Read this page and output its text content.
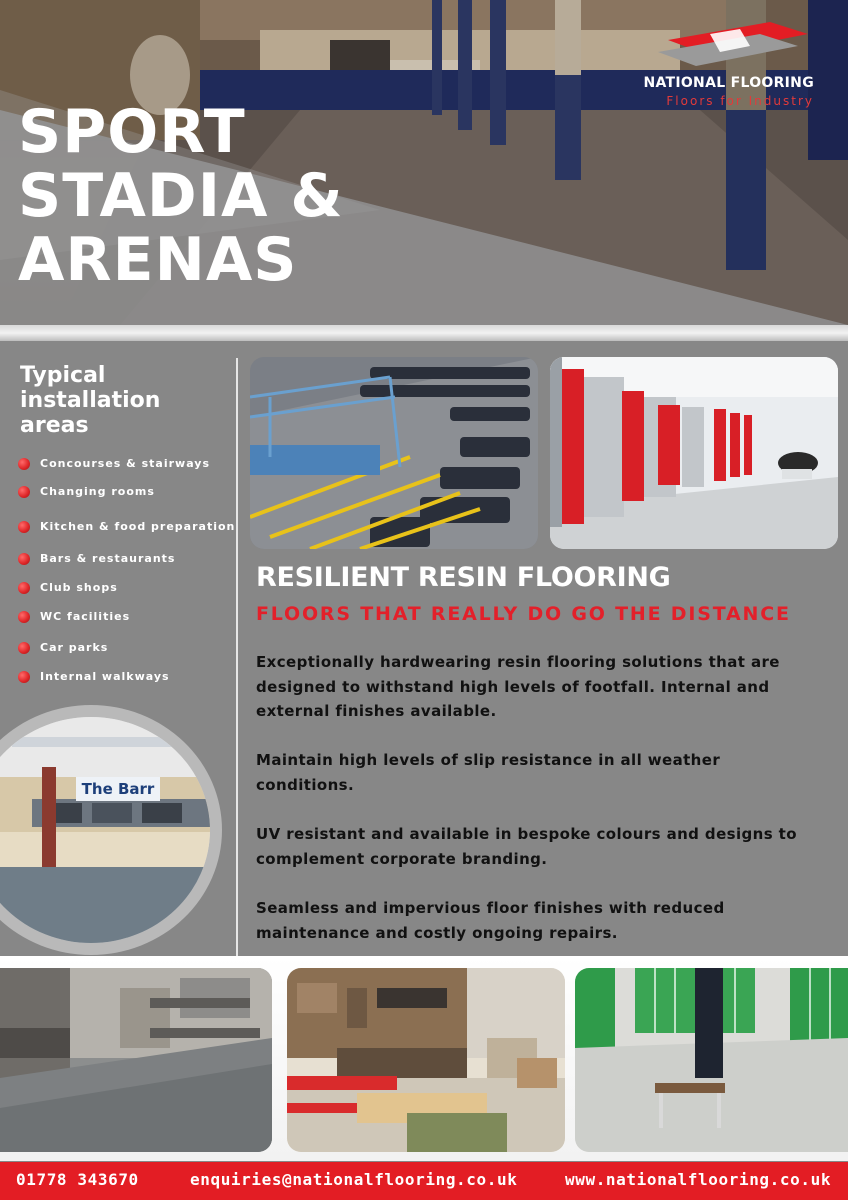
SPORT
STADIA &
ARENAS
NATIONAL FLOORING
Floors for Industry
Typical installation areas
Concourses & stairways
Changing rooms
Kitchen & food preparation
Bars & restaurants
Club shops
WC facilities
Car parks
Internal walkways
The Barr
RESILIENT RESIN FLOORING
FLOORS THAT REALLY DO GO THE DISTANCE

Exceptionally hardwearing resin flooring solutions that are designed to withstand high levels of footfall. Internal and external finishes available.

Maintain high levels of slip resistance in all weather conditions.

UV resistant and available in bespoke colours and designs to complement corporate branding.

Seamless and impervious floor finishes with reduced maintenance and costly ongoing repairs.

01778 343670	enquiries@nationalflooring.co.uk	www.nationalflooring.co.uk
